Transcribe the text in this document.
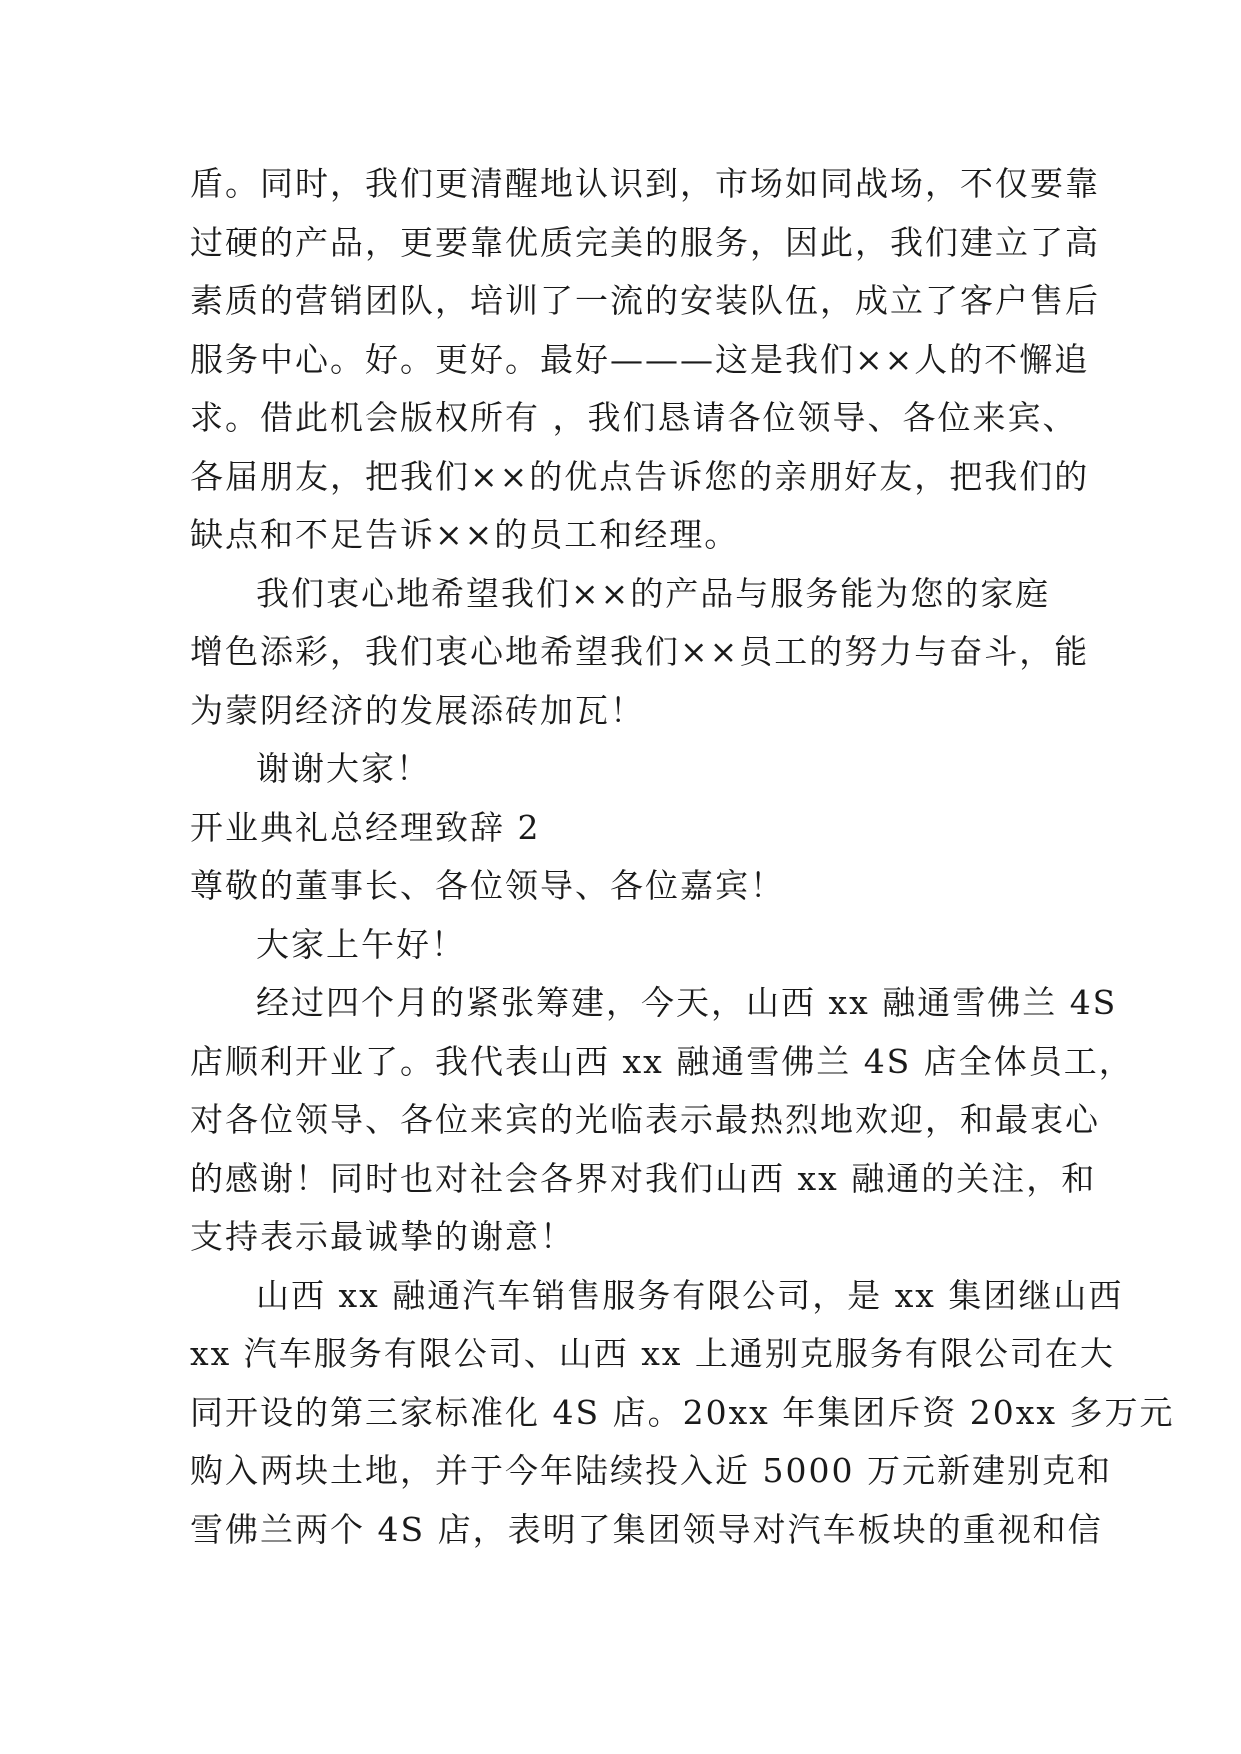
盾。同时，我们更清醒地认识到，市场如同战场，不仅要靠
过硬的产品，更要靠优质完美的服务，因此，我们建立了高
素质的营销团队，培训了一流的安装队伍，成立了客户售后
服务中心。好。更好。最好———这是我们××人的不懈追
求。借此机会版权所有 ，我们恳请各位领导、各位来宾、
各届朋友，把我们××的优点告诉您的亲朋好友，把我们的
缺点和不足告诉××的员工和经理。
我们衷心地希望我们××的产品与服务能为您的家庭
增色添彩，我们衷心地希望我们××员工的努力与奋斗，能
为蒙阴经济的发展添砖加瓦！
谢谢大家！
开业典礼总经理致辞 2
尊敬的董事长、各位领导、各位嘉宾！
大家上午好！
经过四个月的紧张筹建，今天，山西 xx 融通雪佛兰 4S
店顺利开业了。我代表山西 xx 融通雪佛兰 4S 店全体员工，
对各位领导、各位来宾的光临表示最热烈地欢迎，和最衷心
的感谢！同时也对社会各界对我们山西 xx 融通的关注，和
支持表示最诚挚的谢意！
山西 xx 融通汽车销售服务有限公司，是 xx 集团继山西
xx 汽车服务有限公司、山西 xx 上通别克服务有限公司在大
同开设的第三家标准化 4S 店。20xx 年集团斥资 20xx 多万元
购入两块土地，并于今年陆续投入近 5000 万元新建别克和
雪佛兰两个 4S 店，表明了集团领导对汽车板块的重视和信
